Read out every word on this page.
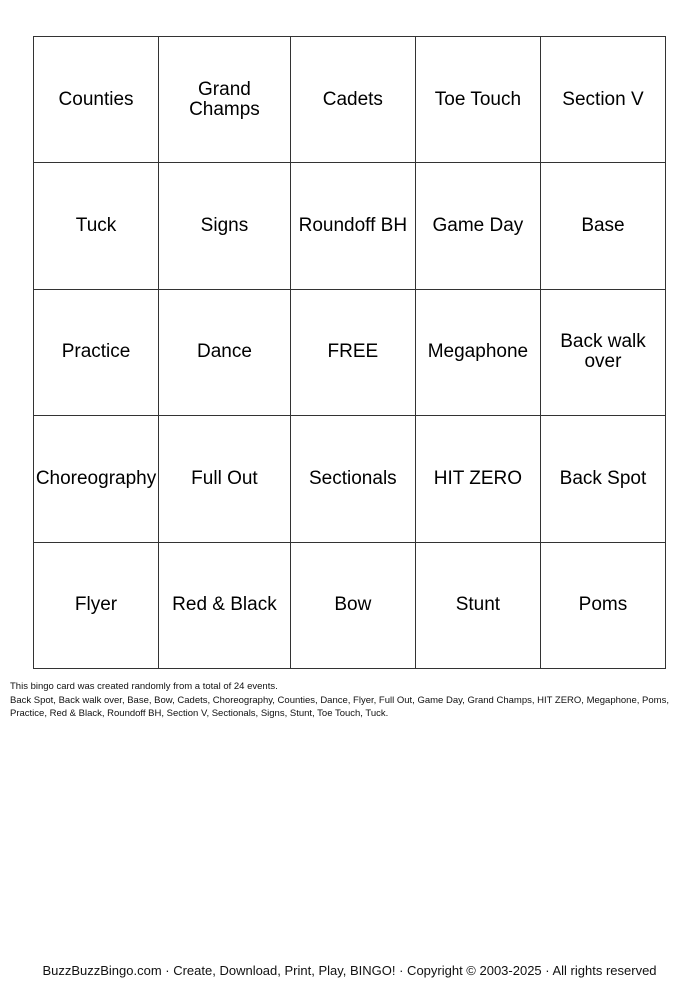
Counties	Grand Champs	Cadets	Toe Touch	Section V
Tuck	Signs	Roundoff BH	Game Day	Base
Practice	Dance	FREE	Megaphone	Back walk over
Choreography	Full Out	Sectionals	HIT ZERO	Back Spot
Flyer	Red & Black	Bow	Stunt	Poms

This bingo card was created randomly from a total of 24 events.

Back Spot, Back walk over, Base, Bow, Cadets, Choreography, Counties, Dance, Flyer, Full Out, Game Day, Grand Champs, HIT ZERO, Megaphone, Poms, Practice, Red & Black, Roundoff BH, Section V, Sectionals, Signs, Stunt, Toe Touch, Tuck.

BuzzBuzzBingo.com · Create, Download, Print, Play, BINGO! · Copyright © 2003-2025 · All rights reserved
